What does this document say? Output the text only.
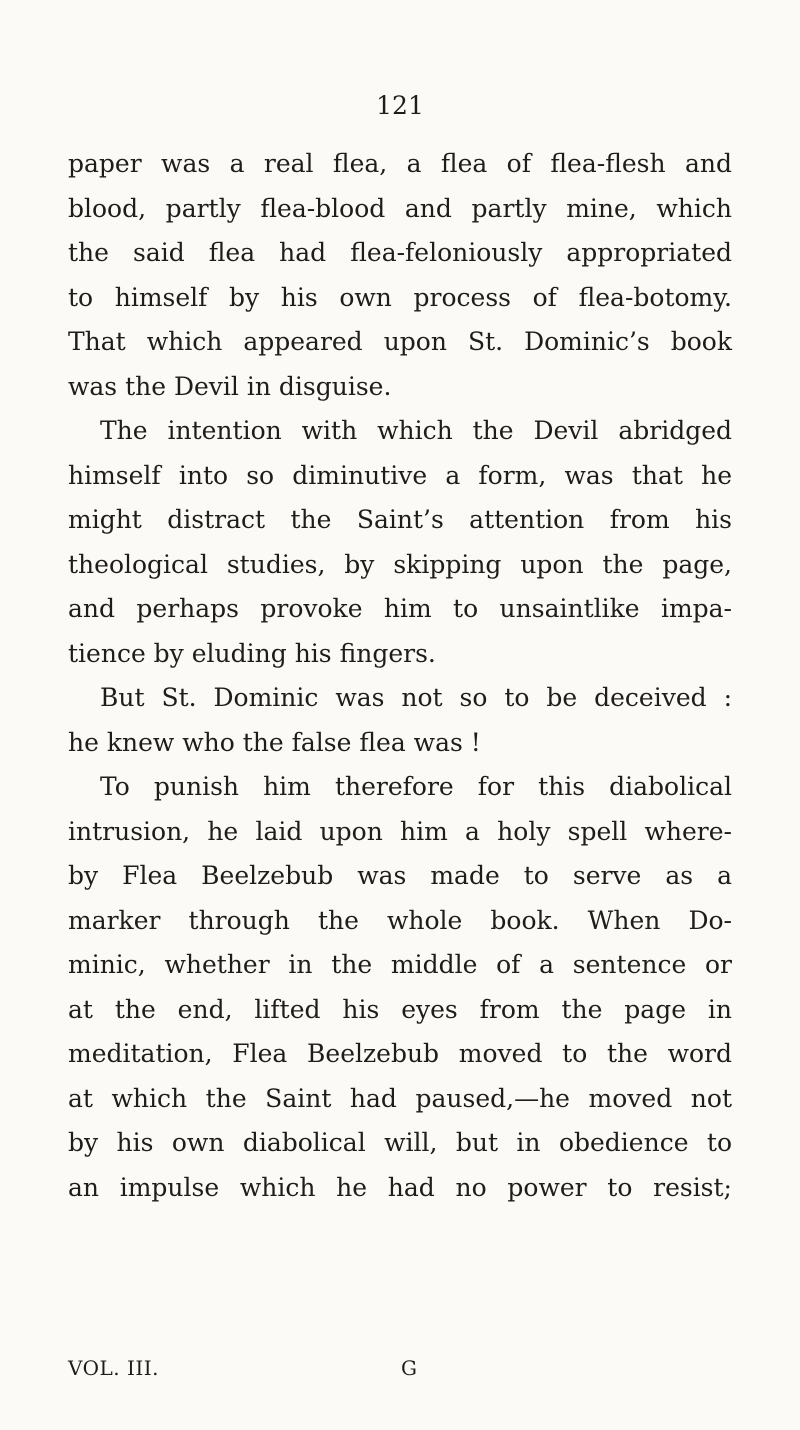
121
paper was a real flea, a flea of flea-flesh and
blood, partly flea-blood and partly mine, which
the said flea had flea-feloniously appropriated
to himself by his own process of flea-botomy.
That which appeared upon St. Dominic’s book
was the Devil in disguise.
The intention with which the Devil abridged
himself into so diminutive a form, was that he
might distract the Saint’s attention from his
theological studies, by skipping upon the page,
and perhaps provoke him to unsaintlike impa-
tience by eluding his fingers.
But St. Dominic was not so to be deceived :
he knew who the false flea was !
To punish him therefore for this diabolical
intrusion, he laid upon him a holy spell where-
by Flea Beelzebub was made to serve as a
marker through the whole book. When Do-
minic, whether in the middle of a sentence or
at the end, lifted his eyes from the page in
meditation, Flea Beelzebub moved to the word
at which the Saint had paused,—he moved not
by his own diabolical will, but in obedience to
an impulse which he had no power to resist;
VOL. III.	G
